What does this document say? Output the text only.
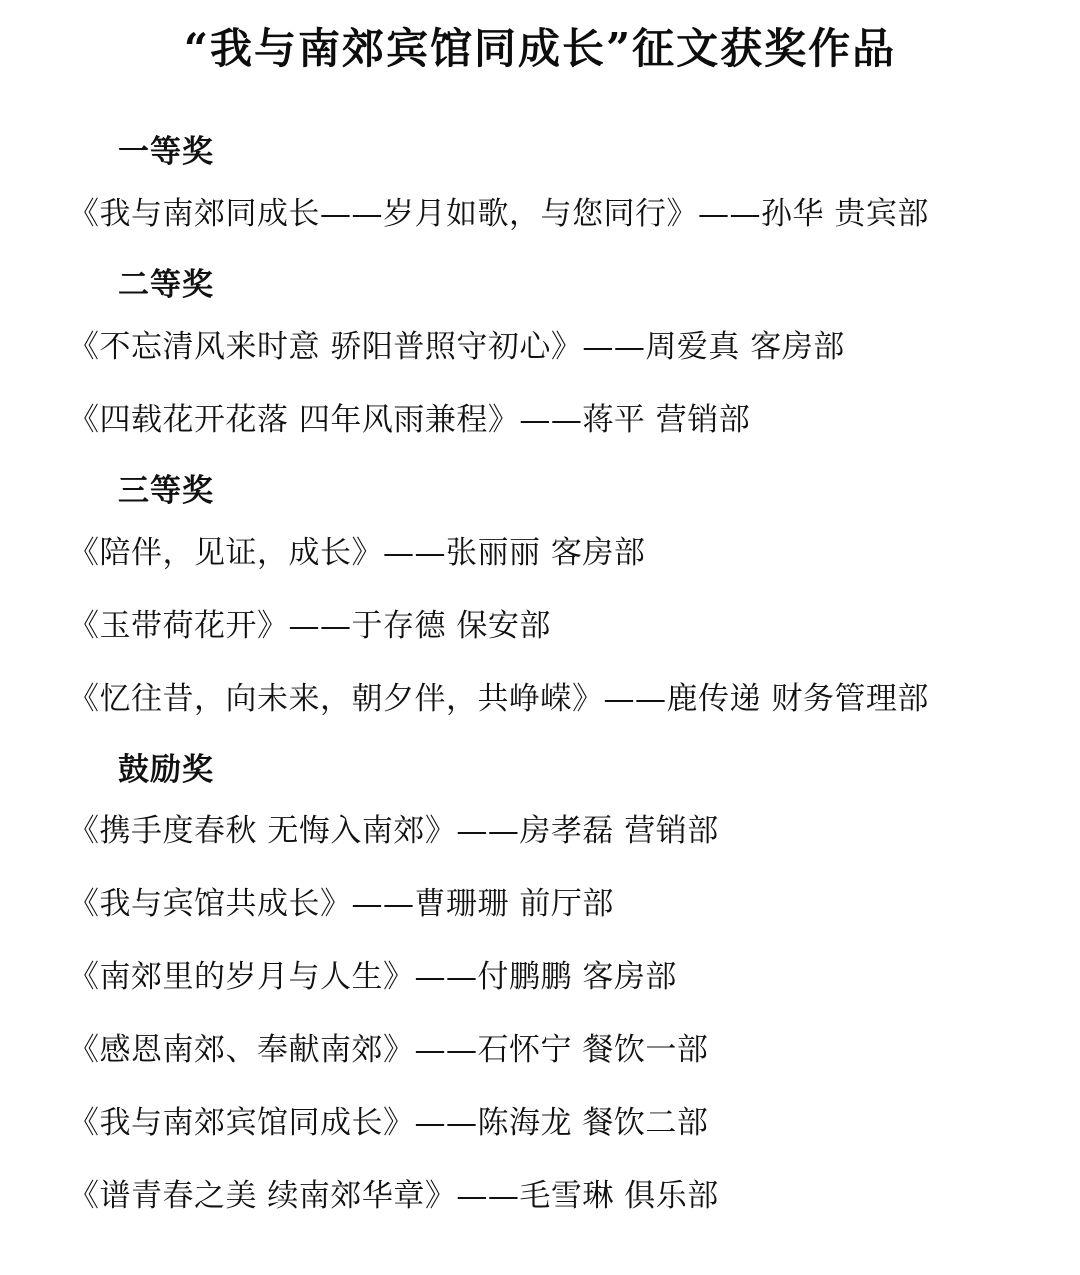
“我与南郊宾馆同成长”征文获奖作品
一等奖
《我与南郊同成长——岁月如歌，与您同行》——孙华 贵宾部
二等奖
《不忘清风来时意 骄阳普照守初心》——周爱真 客房部
《四载花开花落 四年风雨兼程》——蒋平 营销部
三等奖
《陪伴，见证，成长》——张丽丽 客房部
《玉带荷花开》——于存德 保安部
《忆往昔，向未来，朝夕伴，共峥嵘》——鹿传递 财务管理部
鼓励奖
《携手度春秋 无悔入南郊》——房孝磊 营销部
《我与宾馆共成长》——曹珊珊 前厅部
《南郊里的岁月与人生》——付鹏鹏 客房部
《感恩南郊、奉献南郊》——石怀宁 餐饮一部
《我与南郊宾馆同成长》——陈海龙 餐饮二部
《谱青春之美 续南郊华章》——毛雪琳 俱乐部
